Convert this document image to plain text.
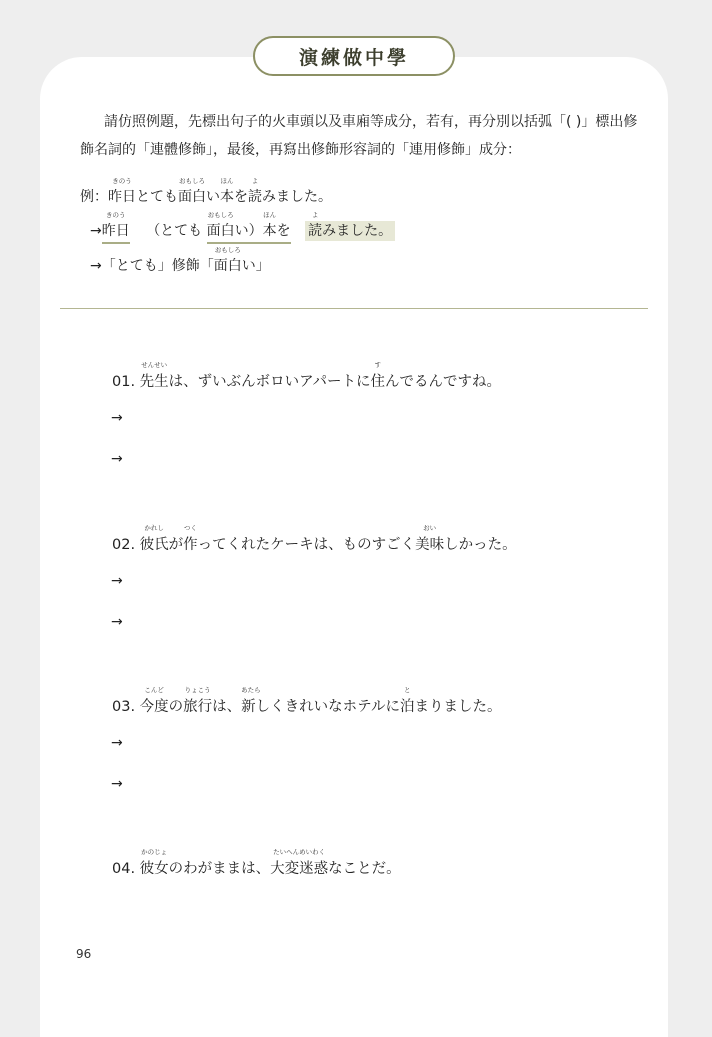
演練做中學

請仿照例題，先標出句子的火車頭以及車廂等成分，若有，再分別以括弧「( )」標出修飾名詞的「連體修飾」，最後，再寫出修飾形容詞的「連用修飾」成分：

例：
きのう
昨日とても
おもしろ
面白い
ほん
本を
よ
読みました。
→
きのう
昨日 （とても
おもしろ
面白い）
ほん
本を
よ
読みました。
→「とても」修飾「
おもしろ
面白い」
01.
せんせい
先生は、ずいぶんボロいアパートに
す
住んでるんですね。
→
→
02.
かれし
彼氏が
つく
作ってくれたケーキは、ものすごく
おい
美味しかった。
→
→
03.
こんど
今度の
りょこう
旅行は、
あたら
新しくきれいなホテルに
と
泊まりました。
→
→
04.
かのじょ
彼女のわがままは、
たいへんめいわく
大変迷惑なことだ。
96
